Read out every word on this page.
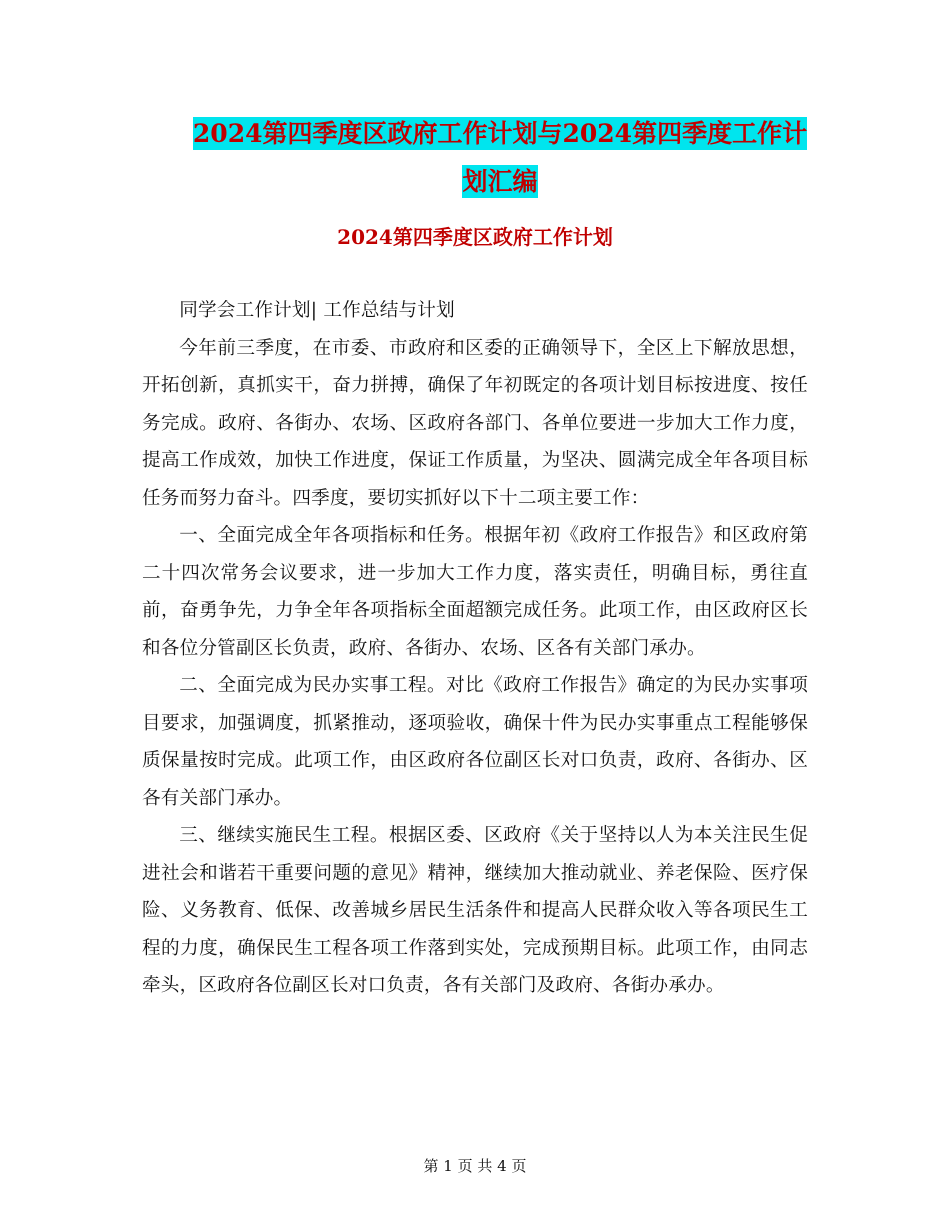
2024第四季度区政府工作计划与2024第四季度工作计
划汇编
2024第四季度区政府工作计划

同学会工作计划| 工作总结与计划

今年前三季度，在市委、市政府和区委的正确领导下，全区上下解放思想，开拓创新，真抓实干，奋力拼搏，确保了年初既定的各项计划目标按进度、按任务完成。政府、各街办、农场、区政府各部门、各单位要进一步加大工作力度，提高工作成效，加快工作进度，保证工作质量，为坚决、圆满完成全年各项目标任务而努力奋斗。四季度，要切实抓好以下十二项主要工作：

一、全面完成全年各项指标和任务。根据年初《政府工作报告》和区政府第二十四次常务会议要求，进一步加大工作力度，落实责任，明确目标，勇往直前，奋勇争先，力争全年各项指标全面超额完成任务。此项工作，由区政府区长和各位分管副区长负责，政府、各街办、农场、区各有关部门承办。

二、全面完成为民办实事工程。对比《政府工作报告》确定的为民办实事项目要求，加强调度，抓紧推动，逐项验收，确保十件为民办实事重点工程能够保质保量按时完成。此项工作，由区政府各位副区长对口负责，政府、各街办、区各有关部门承办。

三、继续实施民生工程。根据区委、区政府《关于坚持以人为本关注民生促进社会和谐若干重要问题的意见》精神，继续加大推动就业、养老保险、医疗保险、义务教育、低保、改善城乡居民生活条件和提高人民群众收入等各项民生工程的力度，确保民生工程各项工作落到实处，完成预期目标。此项工作，由同志牵头，区政府各位副区长对口负责，各有关部门及政府、各街办承办。

第 1 页 共 4 页
